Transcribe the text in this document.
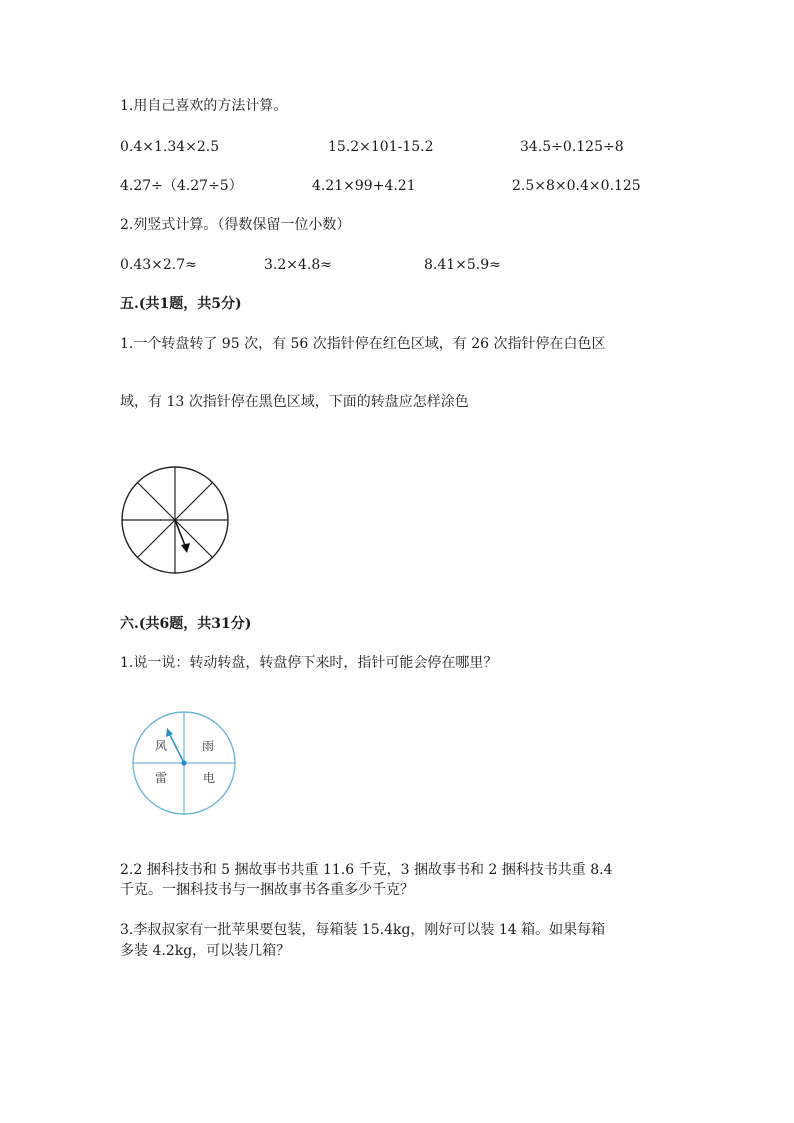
1.用自己喜欢的方法计算。
0.4×1.34×2.5	15.2×101-15.2	34.5÷0.125÷8
4.27÷（4.27÷5）	4.21×99+4.21	2.5×8×0.4×0.125
2.列竖式计算。（得数保留一位小数）
0.43×2.7≈	3.2×4.8≈	8.41×5.9≈
五.(共1题，共5分)
1.一个转盘转了 95 次，有 56 次指针停在红色区域，有 26 次指针停在白色区
域，有 13 次指针停在黑色区域，下面的转盘应怎样涂色
六.(共6题，共31分)
1.说一说：转动转盘，转盘停下来时，指针可能会停在哪里？
风	雨
雷	电
2.2 捆科技书和 5 捆故事书共重 11.6 千克，3 捆故事书和 2 捆科技书共重 8.4
千克。一捆科技书与一捆故事书各重多少千克？
3.李叔叔家有一批苹果要包装，每箱装 15.4kg，刚好可以装 14 箱。如果每箱
多装 4.2kg，可以装几箱？
